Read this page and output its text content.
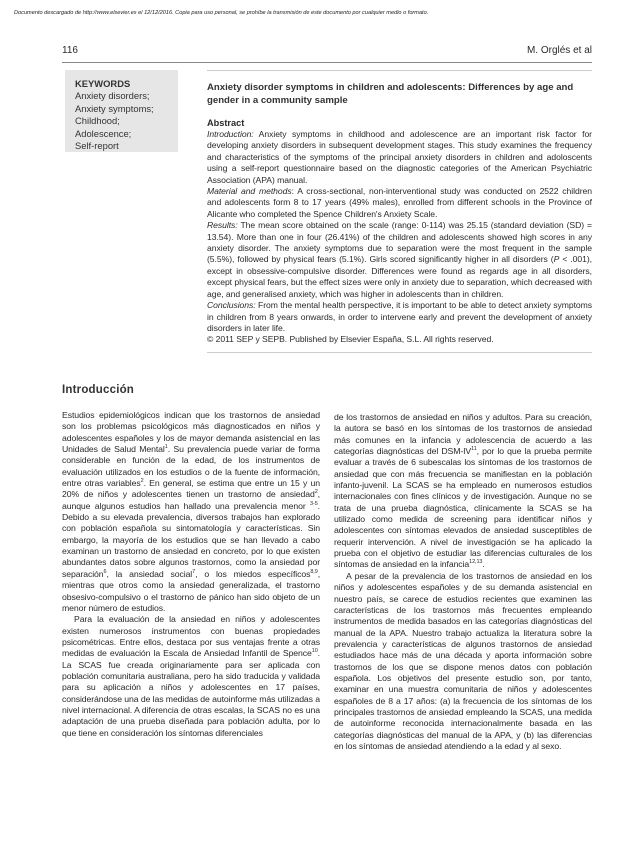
Documento descargado de http://www.elsevier.es el 12/12/2016. Copia para uso personal, se prohíbe la transmisión de este documento por cualquier medio o formato.
116	M. Orglés et al
KEYWORDS
Anxiety disorders;
Anxiety symptoms;
Childhood;
Adolescence;
Self-report
Anxiety disorder symptoms in children and adolescents: Differences by age and gender in a community sample
Abstract

Introduction: Anxiety symptoms in childhood and adolescence are an important risk factor for developing anxiety disorders in subsequent development stages. This study examines the frequency and characteristics of the symptoms of the principal anxiety disorders in children and adoloscents using a self-report questionnaire based on the diagnostic categories of the American Psychiatric Association (APA) manual.

Material and methods: A cross-sectional, non-interventional study was conducted on 2522 children and adolescents form 8 to 17 years (49% males), enrolled from different schools in the Province of Alicante who completed the Spence Children's Anxiety Scale.

Results: The mean score obtained on the scale (range: 0-114) was 25.15 (standard deviation (SD) = 13.54). More than one in four (26.41%) of the children and adolescents showed high scores in any anxiety disorder. The anxiety symptoms due to separation were the most frequent in the sample (5.5%), followed by physical fears (5.1%). Girls scored significantly higher in all disorders (P < .001), except in obsessive-compulsive disorder. Differences were found as regards age in all disorders, except physical fears, but the effect sizes were only in anxiety due to separation, which decreased with age, and generalised anxiety, which was higher in adolescents than in children.

Conclusions: From the mental health perspective, it is important to be able to detect anxiety symptoms in children from 8 years onwards, in order to intervene early and prevent the development of anxiety disorders in later life.

© 2011 SEP y SEPB. Published by Elsevier España, S.L. All rights reserved.

Introducción

Estudios epidemiológicos indican que los trastornos de ansiedad son los problemas psicológicos más diagnosticados en niños y adolescentes españoles y los de mayor demanda asistencial en las Unidades de Salud Mental$^1$. Su prevalencia puede variar de forma considerable en función de la edad, de los instrumentos de evaluación utilizados en los estudios o de la fuente de información, entre otras variables$^2$. En general, se estima que entre un 15 y un 20% de niños y adolescentes tienen un trastorno de ansiedad$^2$, aunque algunos estudios han hallado una prevalencia menor $^{3-5}$. Debido a su elevada prevalencia, diversos trabajos han explorado con población española su sintomatología y características. Sin embargo, la mayoría de los estudios que se han llevado a cabo examinan un trastorno de ansiedad en concreto, por lo que existen abundantes datos sobre algunos trastornos, como la ansiedad por separación$^6$, la ansiedad social$^7$, o los miedos específicos$^{8,9}$, mientras que otros como la ansiedad generalizada, el trastorno obsesivo-compulsivo o el trastorno de pánico han sido objeto de un menor número de estudios.

Para la evaluación de la ansiedad en niños y adolescentes existen numerosos instrumentos con buenas propiedades psicométricas. Entre ellos, destaca por sus ventajas frente a otras medidas de evaluación la Escala de Ansiedad Infantil de Spence$^{10}$. La SCAS fue creada originariamente para ser aplicada con población comunitaria australiana, pero ha sido traducida y validada para su aplicación a niños y adolescentes en 17 países, considerándose una de las medidas de autoinforme más utilizadas a nivel internacional. A diferencia de otras escalas, la SCAS no es una adaptación de una prueba diseñada para población adulta, por lo que tiene en consideración los síntomas diferenciales

de los trastornos de ansiedad en niños y adultos. Para su creación, la autora se basó en los síntomas de los trastornos de ansiedad más comunes en la infancia y adolescencia de acuerdo a las categorías diagnósticas del DSM-IV$^{11}$, por lo que la prueba permite evaluar a través de 6 subescalas los síntomas de los trastornos de ansiedad que con más frecuencia se manifiestan en la población infanto-juvenil. La SCAS se ha empleado en numerosos estudios internacionales con fines clínicos y de investigación. Aunque no se trata de una prueba diagnóstica, clínicamente la SCAS se ha utilizado como medida de screening para identificar niños y adolescentes con síntomas elevados de ansiedad susceptibles de requerir intervención. A nivel de investigación se ha aplicado la prueba con el objetivo de estudiar las diferencias culturales de los síntomas de ansiedad en la infancia$^{12,13}$.

A pesar de la prevalencia de los trastornos de ansiedad en los niños y adolescentes españoles y de su demanda asistencial en nuestro país, se carece de estudios recientes que examinen las características de los trastornos más frecuentes empleando instrumentos de medida basados en las categorías diagnósticas del manual de la APA. Nuestro trabajo actualiza la literatura sobre la prevalencia y características de algunos trastornos de ansiedad estudiados hace más de una década y aporta información sobre trastornos de los que se dispone menos datos con población española. Los objetivos del presente estudio son, por tanto, examinar en una muestra comunitaria de niños y adolescentes españoles de 8 a 17 años: (a) la frecuencia de los síntomas de los principales trastornos de ansiedad empleando la SCAS, una medida de autoinforme reconocida internacionalmente basada en las categorías diagnósticas del manual de la APA, y (b) las diferencias en los síntomas de ansiedad atendiendo a la edad y al sexo.
